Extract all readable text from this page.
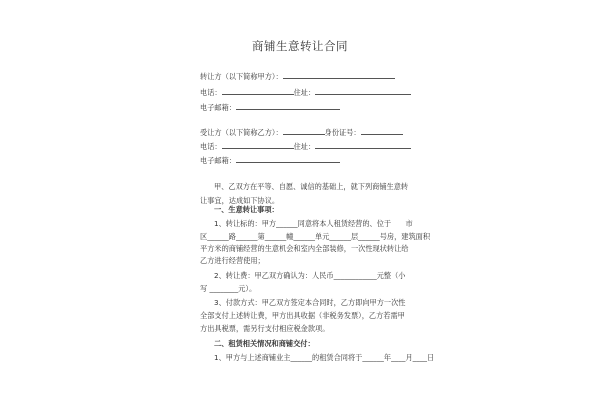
商铺生意转让合同
转让方（以下简称甲方）：
电话：	住址：
电子邮箱：
受让方（以下简称乙方）：	身份证号：
电话：	住址：
电子邮箱：
甲、乙双方在平等、自愿、诚信的基础上，就下列商铺生意转
让事宜，达成如下协议。
一、生意转让事项：
1、转让标的：甲方______同意将本人租赁经营的、位于　　市
区______路______第______幢______单元______层______号房，建筑面积
平方米的商铺经营的生意机会和室内全部装修，一次性现状转让给
乙方进行经营使用；
2、转让费：甲乙双方确认为：人民币____________元整（小
写 ________元）。
3、付款方式：甲乙双方签定本合同时，乙方即向甲方一次性
全部支付上述转让费，甲方出具收据（非税务发票），乙方若需甲
方出具税票，需另行支付相应税金款项。
二、租赁相关情况和商铺交付：
1、甲方与上述商铺业主______的租赁合同将于______年____月____日
